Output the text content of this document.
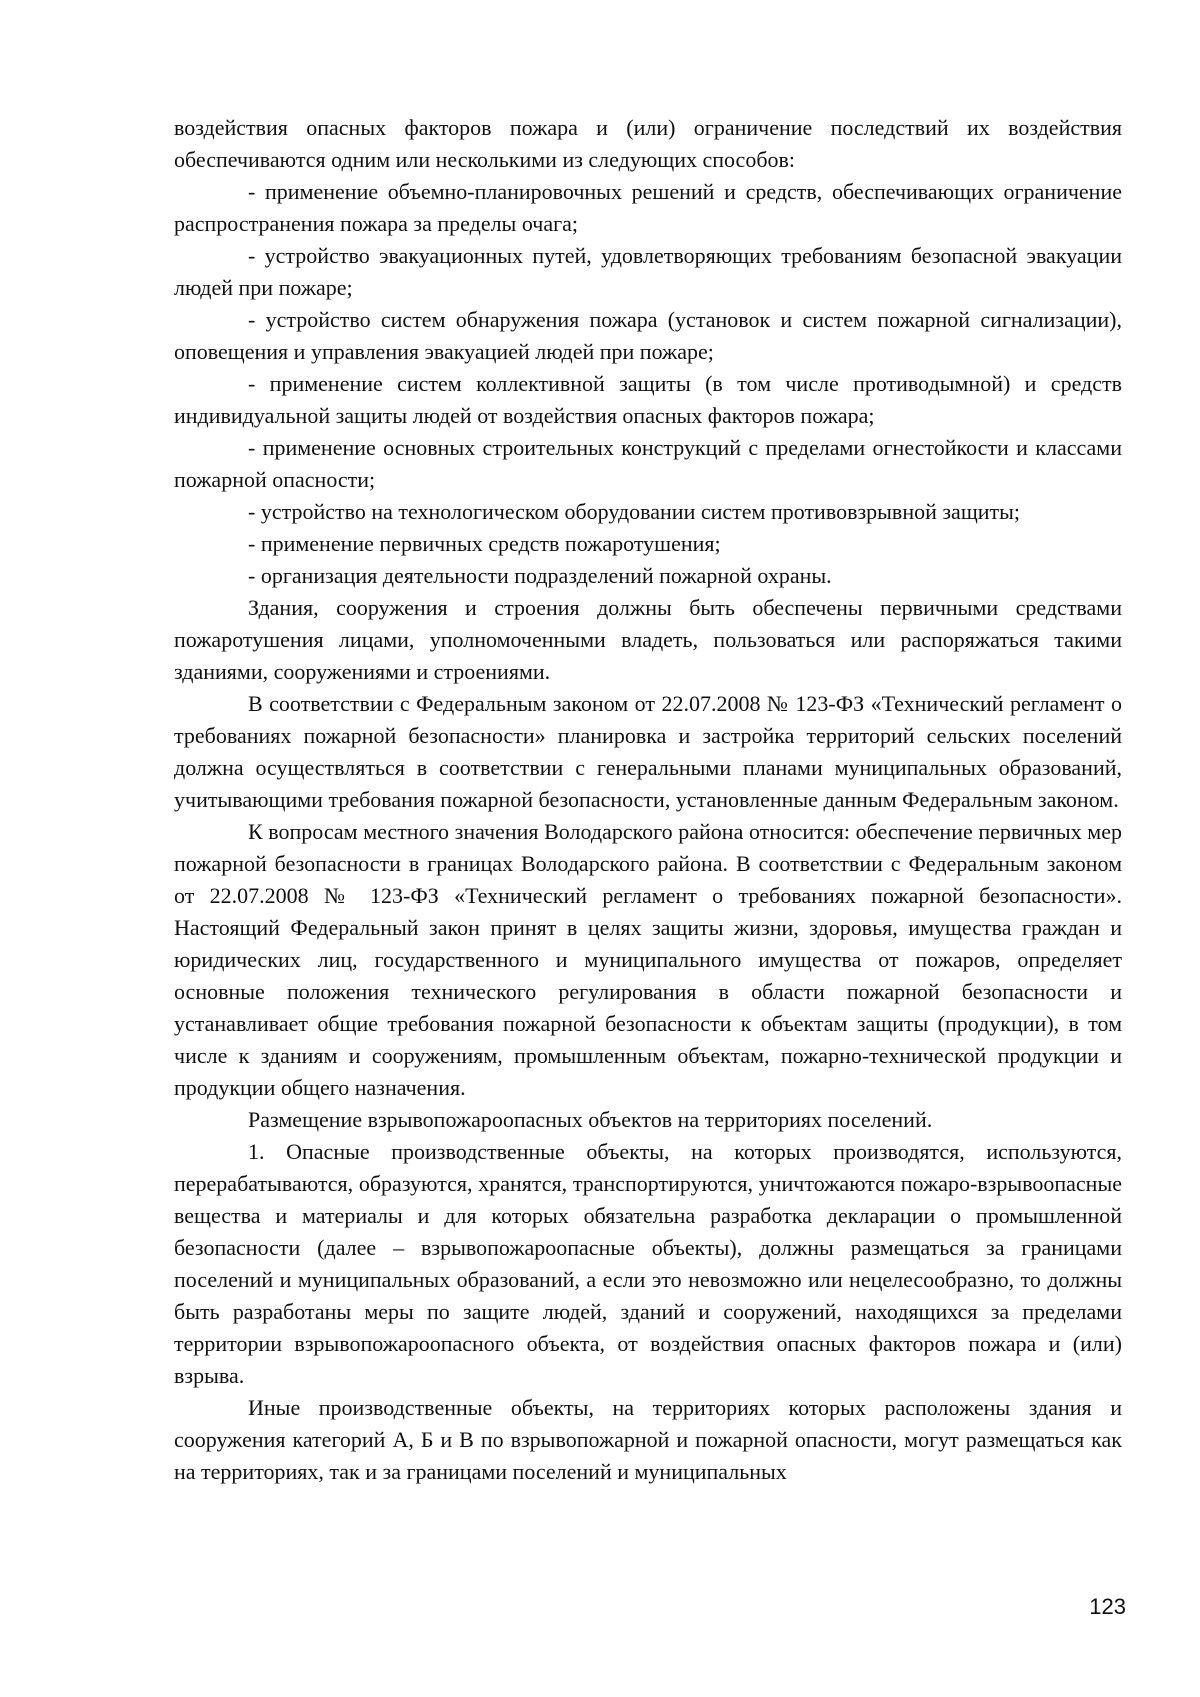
воздействия опасных факторов пожара и (или) ограничение последствий их воздействия обеспечиваются одним или несколькими из следующих способов:

- применение объемно-планировочных решений и средств, обеспечивающих ограничение распространения пожара за пределы очага;

- устройство эвакуационных путей, удовлетворяющих требованиям безопасной эвакуации людей при пожаре;

- устройство систем обнаружения пожара (установок и систем пожарной сигнализации), оповещения и управления эвакуацией людей при пожаре;

- применение систем коллективной защиты (в том числе противодымной) и средств индивидуальной защиты людей от воздействия опасных факторов пожара;

- применение основных строительных конструкций с пределами огнестойкости и классами пожарной опасности;

- устройство на технологическом оборудовании систем противовзрывной защиты;

- применение первичных средств пожаротушения;

- организация деятельности подразделений пожарной охраны.

Здания, сооружения и строения должны быть обеспечены первичными средствами пожаротушения лицами, уполномоченными владеть, пользоваться или распоряжаться такими зданиями, сооружениями и строениями.

В соответствии с Федеральным законом от 22.07.2008 № 123-ФЗ «Технический регламент о требованиях пожарной безопасности» планировка и застройка территорий сельских поселений должна осуществляться в соответствии с генеральными планами муниципальных образований, учитывающими требования пожарной безопасности, установленные данным Федеральным законом.

К вопросам местного значения Володарского района относится: обеспечение первичных мер пожарной безопасности в границах Володарского района. В соответствии с Федеральным законом от 22.07.2008 № 123-ФЗ «Технический регламент о требованиях пожарной безопасности». Настоящий Федеральный закон принят в целях защиты жизни, здоровья, имущества граждан и юридических лиц, государственного и муниципального имущества от пожаров, определяет основные положения технического регулирования в области пожарной безопасности и устанавливает общие требования пожарной безопасности к объектам защиты (продукции), в том числе к зданиям и сооружениям, промышленным объектам, пожарно-технической продукции и продукции общего назначения.

Размещение взрывопожароопасных объектов на территориях поселений.

1. Опасные производственные объекты, на которых производятся, используются, перерабатываются, образуются, хранятся, транспортируются, уничтожаются пожаро-взрывоопасные вещества и материалы и для которых обязательна разработка декларации о промышленной безопасности (далее – взрывопожароопасные объекты), должны размещаться за границами поселений и муниципальных образований, а если это невозможно или нецелесообразно, то должны быть разработаны меры по защите людей, зданий и сооружений, находящихся за пределами территории взрывопожароопасного объекта, от воздействия опасных факторов пожара и (или) взрыва.

Иные производственные объекты, на территориях которых расположены здания и сооружения категорий А, Б и В по взрывопожарной и пожарной опасности, могут размещаться как на территориях, так и за границами поселений и муниципальных

123
